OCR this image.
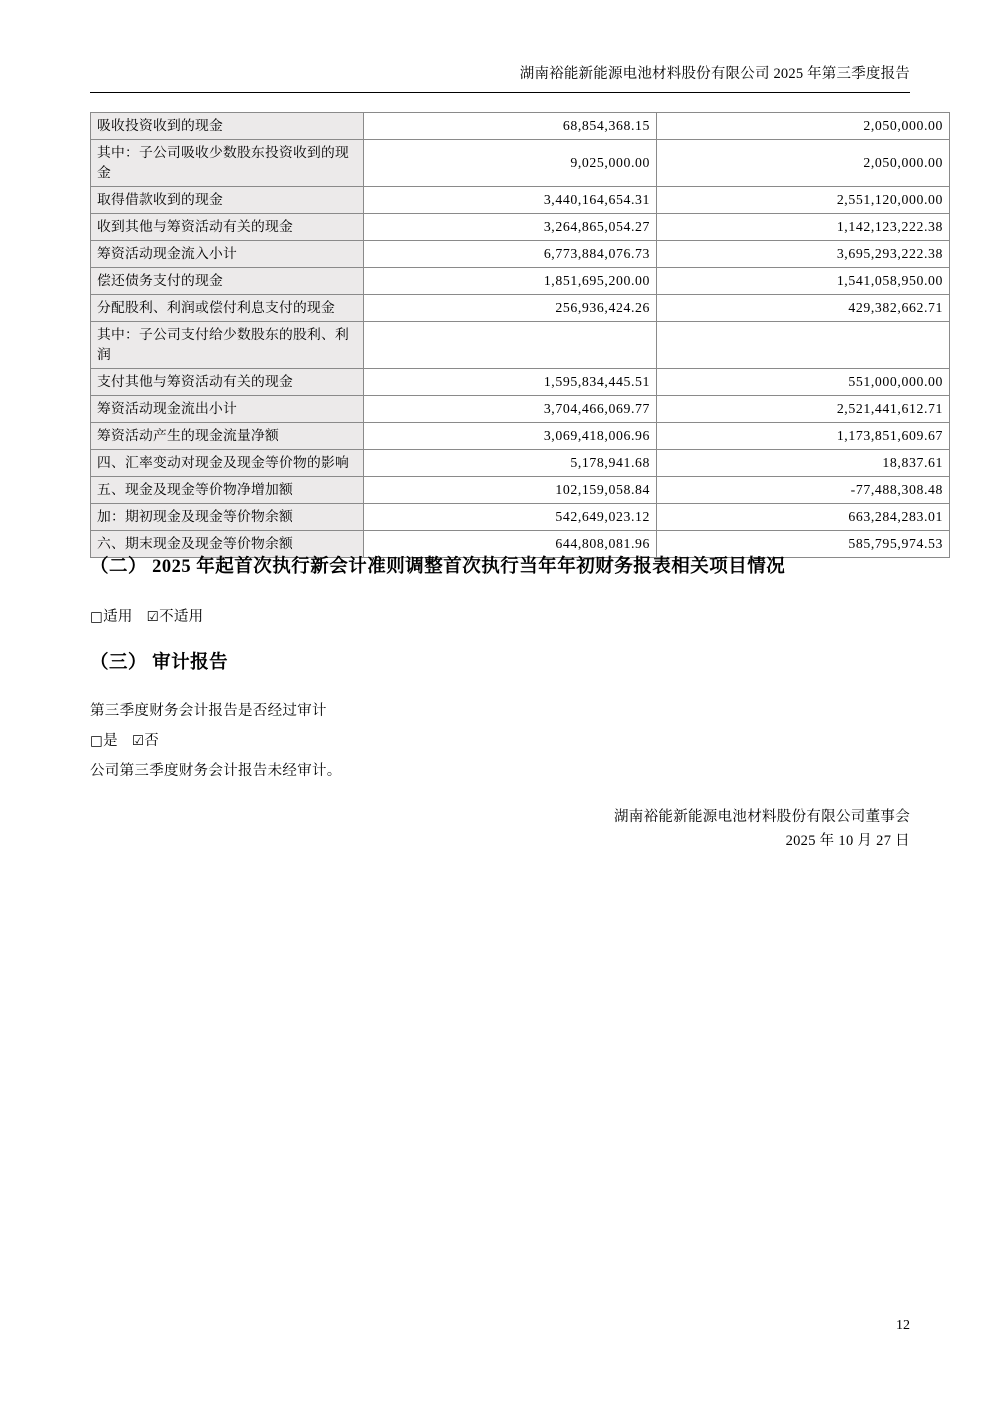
湖南裕能新能源电池材料股份有限公司 2025 年第三季度报告
吸收投资收到的现金	68,854,368.15	2,050,000.00
其中：子公司吸收少数股东投资收到的现金	9,025,000.00	2,050,000.00
取得借款收到的现金	3,440,164,654.31	2,551,120,000.00
收到其他与筹资活动有关的现金	3,264,865,054.27	1,142,123,222.38
筹资活动现金流入小计	6,773,884,076.73	3,695,293,222.38
偿还债务支付的现金	1,851,695,200.00	1,541,058,950.00
分配股利、利润或偿付利息支付的现金	256,936,424.26	429,382,662.71
其中：子公司支付给少数股东的股利、利润		
支付其他与筹资活动有关的现金	1,595,834,445.51	551,000,000.00
筹资活动现金流出小计	3,704,466,069.77	2,521,441,612.71
筹资活动产生的现金流量净额	3,069,418,006.96	1,173,851,609.67
四、汇率变动对现金及现金等价物的影响	5,178,941.68	18,837.61
五、现金及现金等价物净增加额	102,159,058.84	-77,488,308.48
加：期初现金及现金等价物余额	542,649,023.12	663,284,283.01
六、期末现金及现金等价物余额	644,808,081.96	585,795,974.53
（二） 2025 年起首次执行新会计准则调整首次执行当年年初财务报表相关项目情况
□适用 ☑不适用
（三） 审计报告
第三季度财务会计报告是否经过审计
□是 ☑否
公司第三季度财务会计报告未经审计。
湖南裕能新能源电池材料股份有限公司董事会
2025 年 10 月 27 日
12
